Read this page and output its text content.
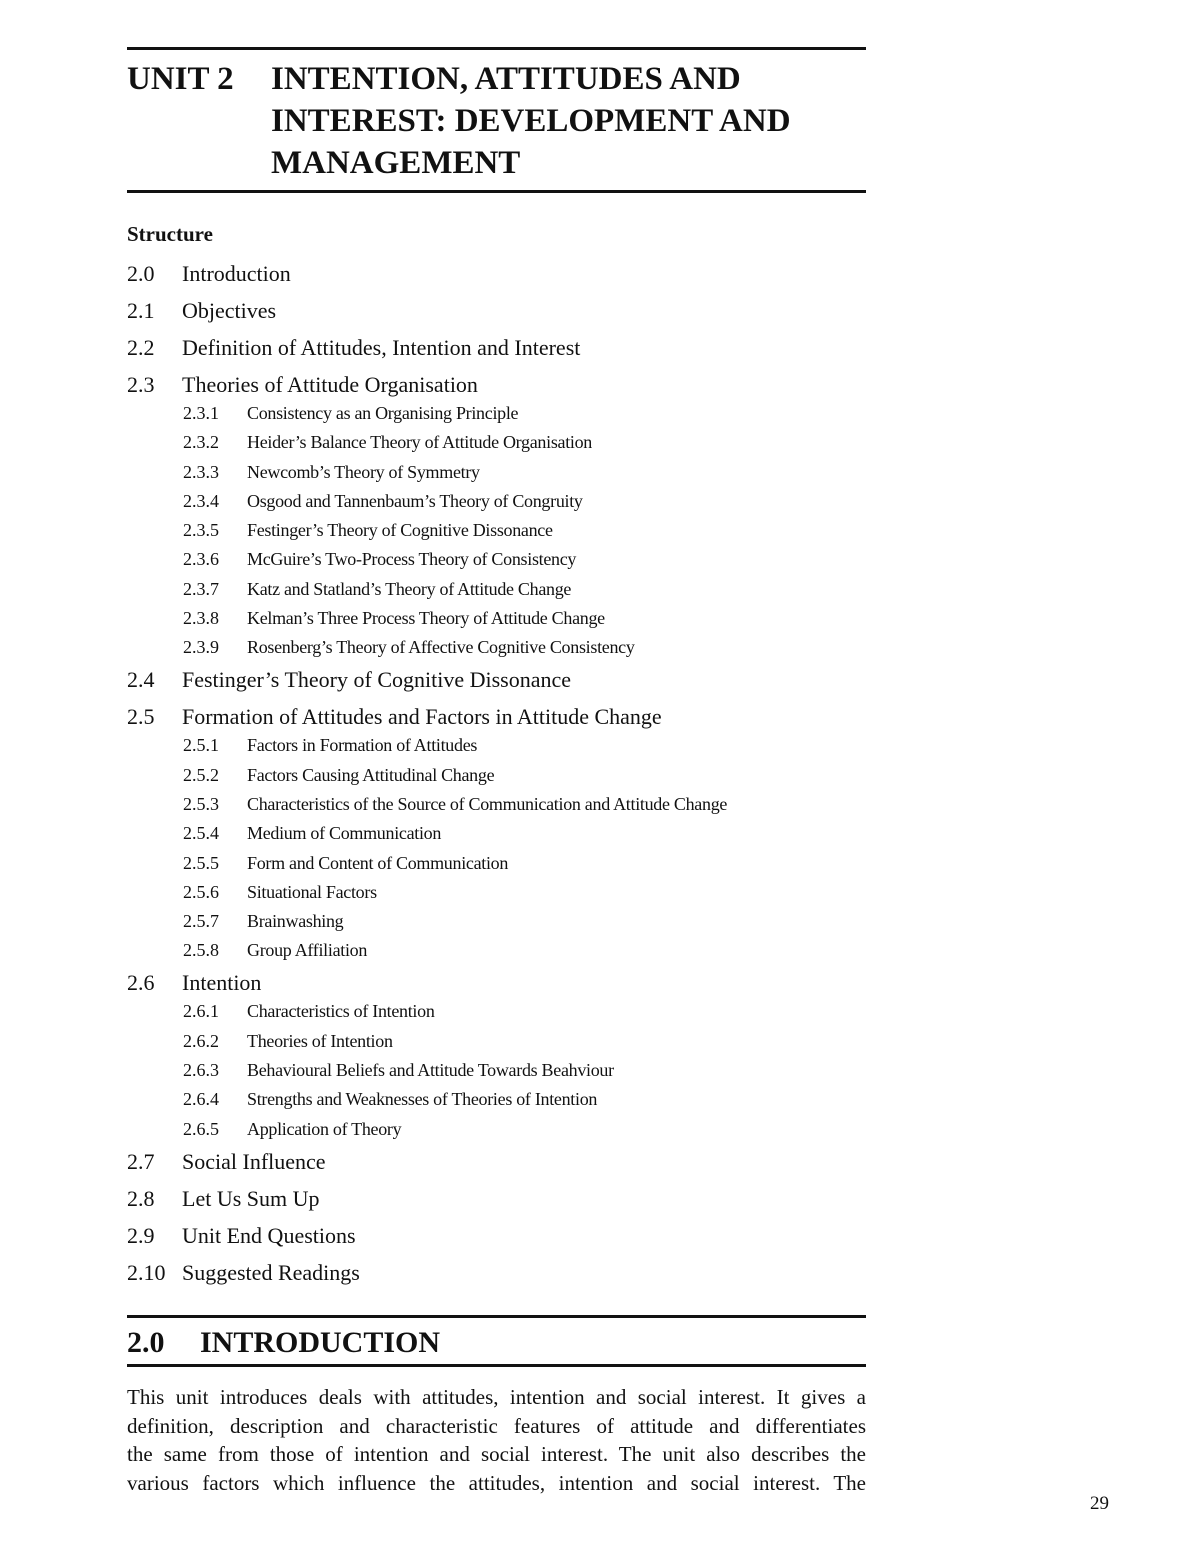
UNIT 2	INTENTION, ATTITUDES AND
INTEREST: DEVELOPMENT AND
MANAGEMENT
Structure
2.0	Introduction
2.1	Objectives
2.2	Definition of Attitudes, Intention and Interest
2.3	Theories of Attitude Organisation
2.3.1	Consistency as an Organising Principle
2.3.2	Heider’s Balance Theory of Attitude Organisation
2.3.3	Newcomb’s Theory of Symmetry
2.3.4	Osgood and Tannenbaum’s Theory of Congruity
2.3.5	Festinger’s Theory of Cognitive Dissonance
2.3.6	McGuire’s Two-Process Theory of Consistency
2.3.7	Katz and Statland’s Theory of Attitude Change
2.3.8	Kelman’s Three Process Theory of Attitude Change
2.3.9	Rosenberg’s Theory of Affective Cognitive Consistency
2.4	Festinger’s Theory of Cognitive Dissonance
2.5	Formation of Attitudes and Factors in Attitude Change
2.5.1	Factors in Formation of Attitudes
2.5.2	Factors Causing Attitudinal Change
2.5.3	Characteristics of the Source of Communication and Attitude Change
2.5.4	Medium of Communication
2.5.5	Form and Content of Communication
2.5.6	Situational Factors
2.5.7	Brainwashing
2.5.8	Group Affiliation
2.6	Intention
2.6.1	Characteristics of Intention
2.6.2	Theories of Intention
2.6.3	Behavioural Beliefs and Attitude Towards Beahviour
2.6.4	Strengths and Weaknesses of Theories of Intention
2.6.5	Application of Theory
2.7	Social Influence
2.8	Let Us Sum Up
2.9	Unit End Questions
2.10 Suggested Readings
2.0	INTRODUCTION
This unit introduces deals with attitudes, intention and social interest. It gives a
definition, description and characteristic features of attitude and differentiates
the same from those of intention and social interest. The unit also describes the
various factors which influence the attitudes, intention and social interest. The
29
